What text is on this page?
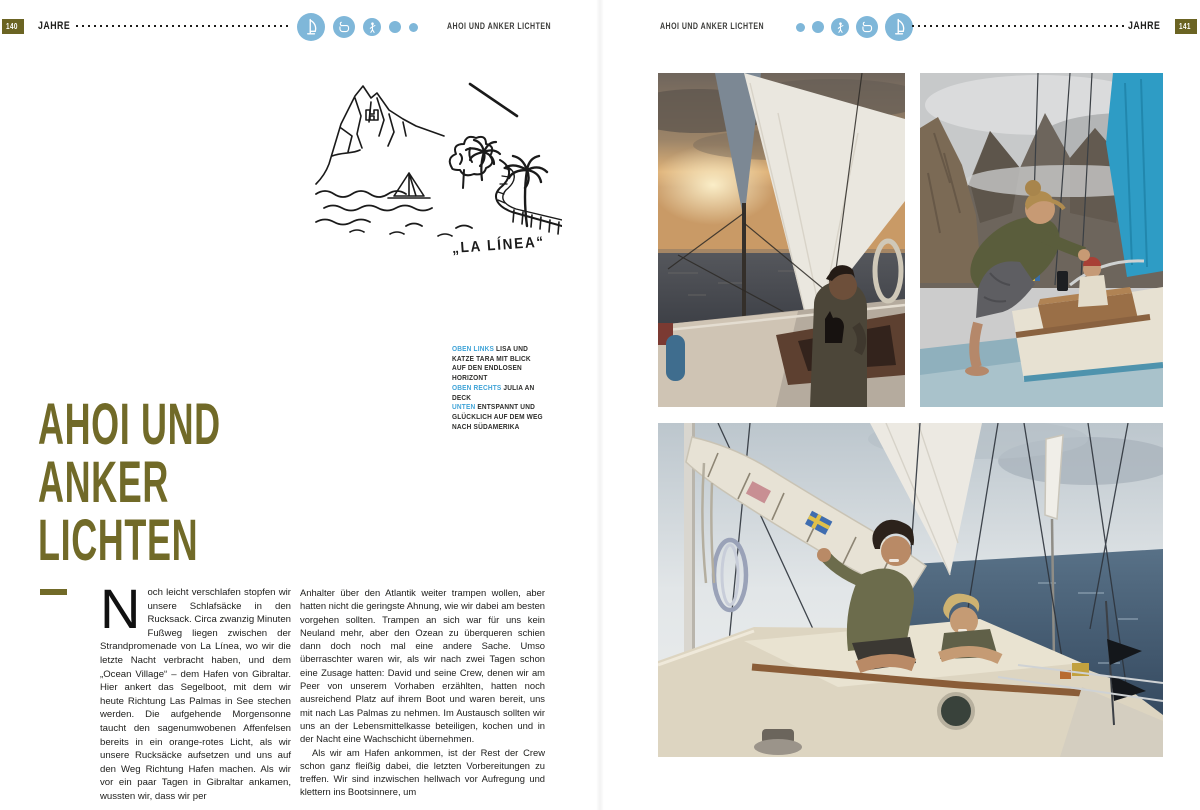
140 JAHRE	AHOI UND ANKER LICHTEN	AHOI UND ANKER LICHTEN	JAHRE 141
„LA LÍNEA“
OBEN LINKS LISA UND KATZE TARA MIT BLICK AUF DEN ENDLOSEN HORIZONT
OBEN RECHTS JULIA AN DECK
UNTEN ENTSPANNT UND GLÜCKLICH AUF DEM WEG NACH SÜDAMERIKA
AHOI UND
ANKER
LICHTEN

Noch leicht verschlafen stopfen wir unsere Schlafsäcke in den Rucksack. Circa zwanzig Minuten Fußweg liegen zwischen der Strandpromenade von La Línea, wo wir die letzte Nacht verbracht haben, und dem „Ocean Village“ – dem Hafen von Gibraltar. Hier ankert das Segelboot, mit dem wir heute Richtung Las Palmas in See stechen werden. Die aufgehende Morgensonne taucht den sagenumwobenen Affenfelsen bereits in ein orange-rotes Licht, als wir unsere Rucksäcke aufsetzen und uns auf den Weg Richtung Hafen machen. Als wir vor ein paar Tagen in Gibraltar ankamen, wussten wir, dass wir per

Anhalter über den Atlantik weiter trampen wollen, aber hatten nicht die geringste Ahnung, wie wir dabei am besten vorgehen sollten. Trampen an sich war für uns kein Neuland mehr, aber den Ozean zu überqueren schien dann doch noch mal eine andere Sache. Umso überraschter waren wir, als wir nach zwei Tagen schon eine Zusage hatten: David und seine Crew, denen wir am Peer von unserem Vorhaben erzählten, hatten noch ausreichend Platz auf ihrem Boot und waren bereit, uns mit nach Las Palmas zu nehmen. Im Austausch sollten wir uns an der Lebensmittelkasse beteiligen, kochen und in der Nacht eine Wachschicht übernehmen.

Als wir am Hafen ankommen, ist der Rest der Crew schon ganz fleißig dabei, die letzten Vorbereitungen zu treffen. Wir sind inzwischen hellwach vor Aufregung und klettern ins Bootsinnere, um
